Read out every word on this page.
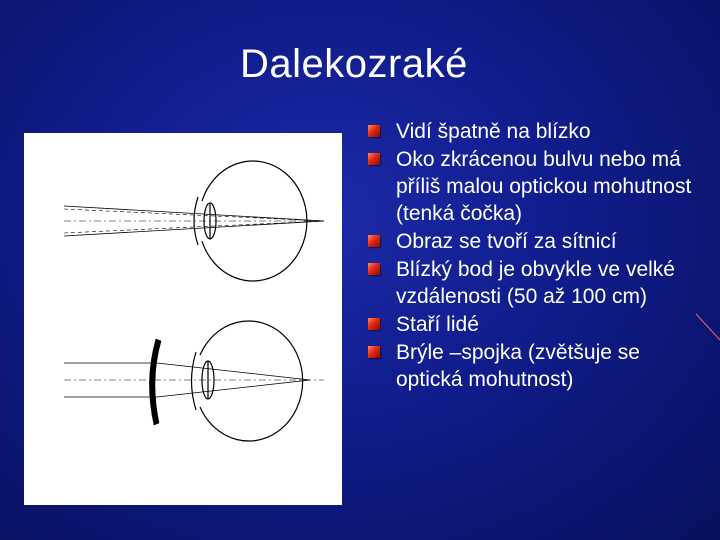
Dalekozraké
Vidí špatně na blízko
Oko zkrácenou bulvu nebo má příliš malou optickou mohutnost (tenká čočka)
Obraz se tvoří za sítnicí
Blízký bod je obvykle ve velké vzdálenosti (50 až 100 cm)
Staří lidé
Brýle –spojka (zvětšuje se optická mohutnost)
